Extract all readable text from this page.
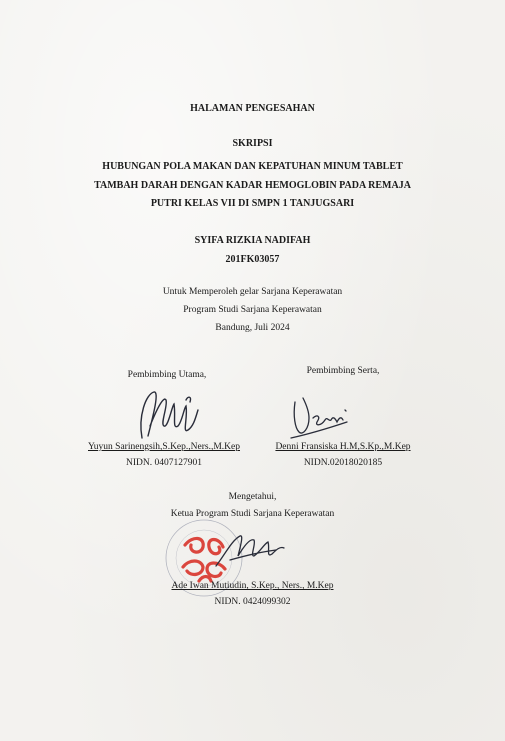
HALAMAN PENGESAHAN
SKRIPSI
HUBUNGAN POLA MAKAN DAN KEPATUHAN MINUM TABLET
TAMBAH DARAH DENGAN KADAR HEMOGLOBIN PADA REMAJA
PUTRI KELAS VII DI SMPN 1 TANJUGSARI
SYIFA RIZKIA NADIFAH
201FK03057
Untuk Memperoleh gelar Sarjana Keperawatan
Program Studi Sarjana Keperawatan
Bandung, Juli 2024
Pembimbing Utama,
Yuyun Sarinengsih,S.Kep.,Ners.,M.Kep
NIDN. 0407127901
Pembimbing Serta,
Denni Fransiska H.M,S.Kp.,M.Kep
NIDN.02018020185
Mengetahui,
Ketua Program Studi Sarjana Keperawatan
Ade Iwan Mutiudin, S.Kep., Ners., M.Kep
NIDN. 0424099302
